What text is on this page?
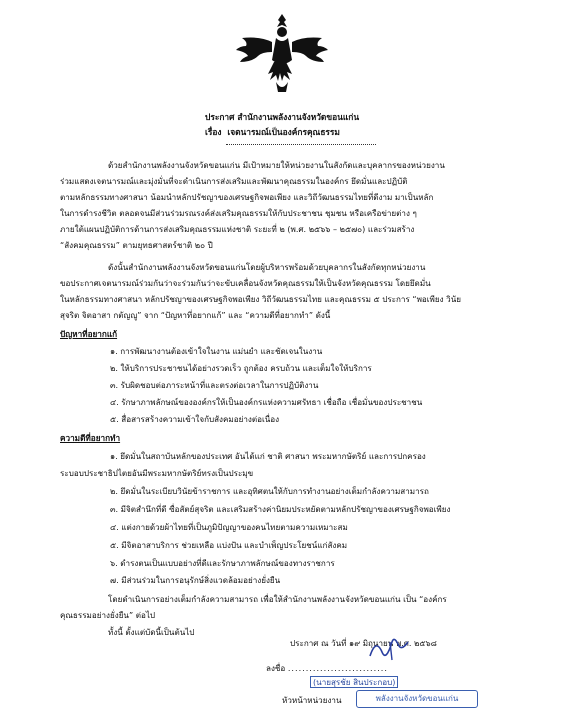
ประกาศ สำนักงานพลังงานจังหวัดขอนแก่น
เรื่อง เจตนารมณ์เป็นองค์กรคุณธรรม
ด้วยสำนักงานพลังงานจังหวัดขอนแก่น มีเป้าหมายให้หน่วยงานในสังกัดและบุคลากรของหน่วยงาน
ร่วมแสดงเจตนารมณ์และมุ่งมั่นที่จะดำเนินการส่งเสริมและพัฒนาคุณธรรมในองค์กร ยึดมั่นและปฏิบัติ
ตามหลักธรรมทางศาสนา น้อมนำหลักปรัชญาของเศรษฐกิจพอเพียง และวิถีวัฒนธรรมไทยที่ดีงาม มาเป็นหลัก
ในการดำรงชีวิต ตลอดจนมีส่วนร่วมรณรงค์ส่งเสริมคุณธรรมให้กับประชาชน ชุมชน หรือเครือข่ายต่าง ๆ
ภายใต้แผนปฏิบัติการด้านการส่งเสริมคุณธรรมแห่งชาติ ระยะที่ ๒ (พ.ศ. ๒๕๖๖ – ๒๕๗๐) และร่วมสร้าง
“สังคมคุณธรรม” ตามยุทธศาสตร์ชาติ ๒๐ ปี
ดังนั้นสำนักงานพลังงานจังหวัดขอนแก่นโดยผู้บริหารพร้อมด้วยบุคลากรในสังกัดทุกหน่วยงาน
ขอประกาศเจตนารมณ์ร่วมกันว่าจะร่วมกันว่าจะขับเคลื่อนจังหวัดคุณธรรมให้เป็นจังหวัดคุณธรรม โดยยึดมั่น
ในหลักธรรมทางศาสนา หลักปรัชญาของเศรษฐกิจพอเพียง วิถีวัฒนธรรมไทย และคุณธรรม ๕ ประการ “พอเพียง วินัย
สุจริต จิตอาสา กตัญญู” จาก “ปัญหาที่อยากแก้” และ “ความดีที่อยากทำ” ดังนี้
ปัญหาที่อยากแก้
๑. การพัฒนางานต้องเข้าใจในงาน แม่นยำ และชัดเจนในงาน
๒. ให้บริการประชาชนได้อย่างรวดเร็ว ถูกต้อง ครบถ้วน และเต็มใจให้บริการ
๓. รับผิดชอบต่อภาระหน้าที่และตรงต่อเวลาในการปฏิบัติงาน
๔. รักษาภาพลักษณ์ขององค์กรให้เป็นองค์กรแห่งความศรัทธา เชื่อถือ เชื่อมั่นของประชาชน
๕. สื่อสารสร้างความเข้าใจกับสังคมอย่างต่อเนื่อง
ความดีที่อยากทำ
๑. ยึดมั่นในสถาบันหลักของประเทศ อันได้แก่ ชาติ ศาสนา พระมหากษัตริย์ และการปกครอง
ระบอบประชาธิปไตยอันมีพระมหากษัตริย์ทรงเป็นประมุข
๒. ยึดมั่นในระเบียบวินัยข้าราชการ และอุทิศตนให้กับการทำงานอย่างเต็มกำลังความสามารถ
๓. มีจิตสำนึกที่ดี ซื่อสัตย์สุจริต และเสริมสร้างค่านิยมประหยัดตามหลักปรัชญาของเศรษฐกิจพอเพียง
๔. แต่งกายด้วยผ้าไทยที่เป็นภูมิปัญญาของคนไทยตามความเหมาะสม
๕. มีจิตอาสาบริการ ช่วยเหลือ แบ่งปัน และบำเพ็ญประโยชน์แก่สังคม
๖. ดำรงตนเป็นแบบอย่างที่ดีและรักษาภาพลักษณ์ของทางราชการ
๗. มีส่วนร่วมในการอนุรักษ์สิ่งแวดล้อมอย่างยั่งยืน
โดยดำเนินการอย่างเต็มกำลังความสามารถ เพื่อให้สำนักงานพลังงานจังหวัดขอนแก่น เป็น “องค์กร
คุณธรรมอย่างยั่งยืน” ต่อไป
ทั้งนี้ ตั้งแต่บัดนี้เป็นต้นไป
ประกาศ ณ วันที่ ๑๙ มิถุนายน พ.ศ. ๒๕๖๘
ลงชื่อ ............................
(นายสุรชัย สินประกอบ)
หัวหน้าหน่วยงาน	พลังงานจังหวัดขอนแก่น
